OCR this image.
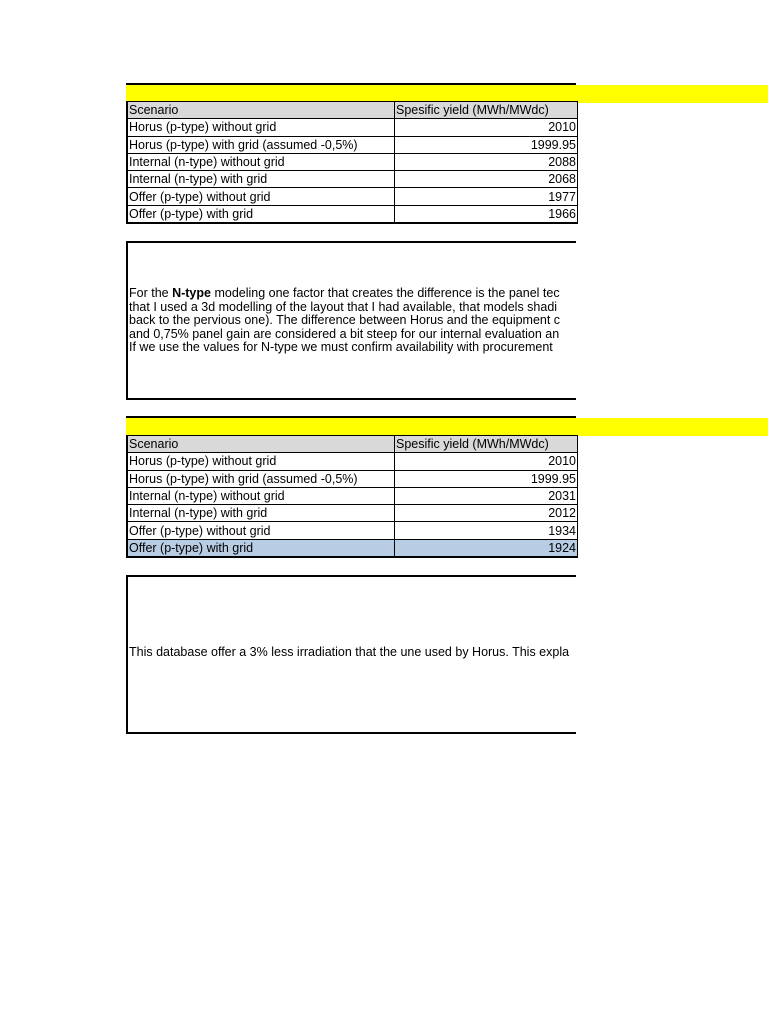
Scenario	Spesific yield (MWh/MWdc)
Horus (p-type) without grid	2010
Horus (p-type) with grid (assumed -0,5%)	1999.95
Internal (n-type) without grid	2088
Internal (n-type) with grid	2068
Offer (p-type) without grid	1977
Offer (p-type) with grid	1966
For the N-type modeling one factor that creates the difference is the panel tec
that I used a 3d modelling of the layout that I had available, that models shadi
back to the pervious one). The difference between Horus and the equipment c
and 0,75% panel gain are considered a bit steep for our internal evaluation an
If we use the values for N-type we must confirm availability with procurement
Scenario	Spesific yield (MWh/MWdc)
Horus (p-type) without grid	2010
Horus (p-type) with grid (assumed -0,5%)	1999.95
Internal (n-type) without grid	2031
Internal (n-type) with grid	2012
Offer (p-type) without grid	1934
Offer (p-type) with grid	1924
This database offer a 3% less irradiation that the une used by Horus. This expla
